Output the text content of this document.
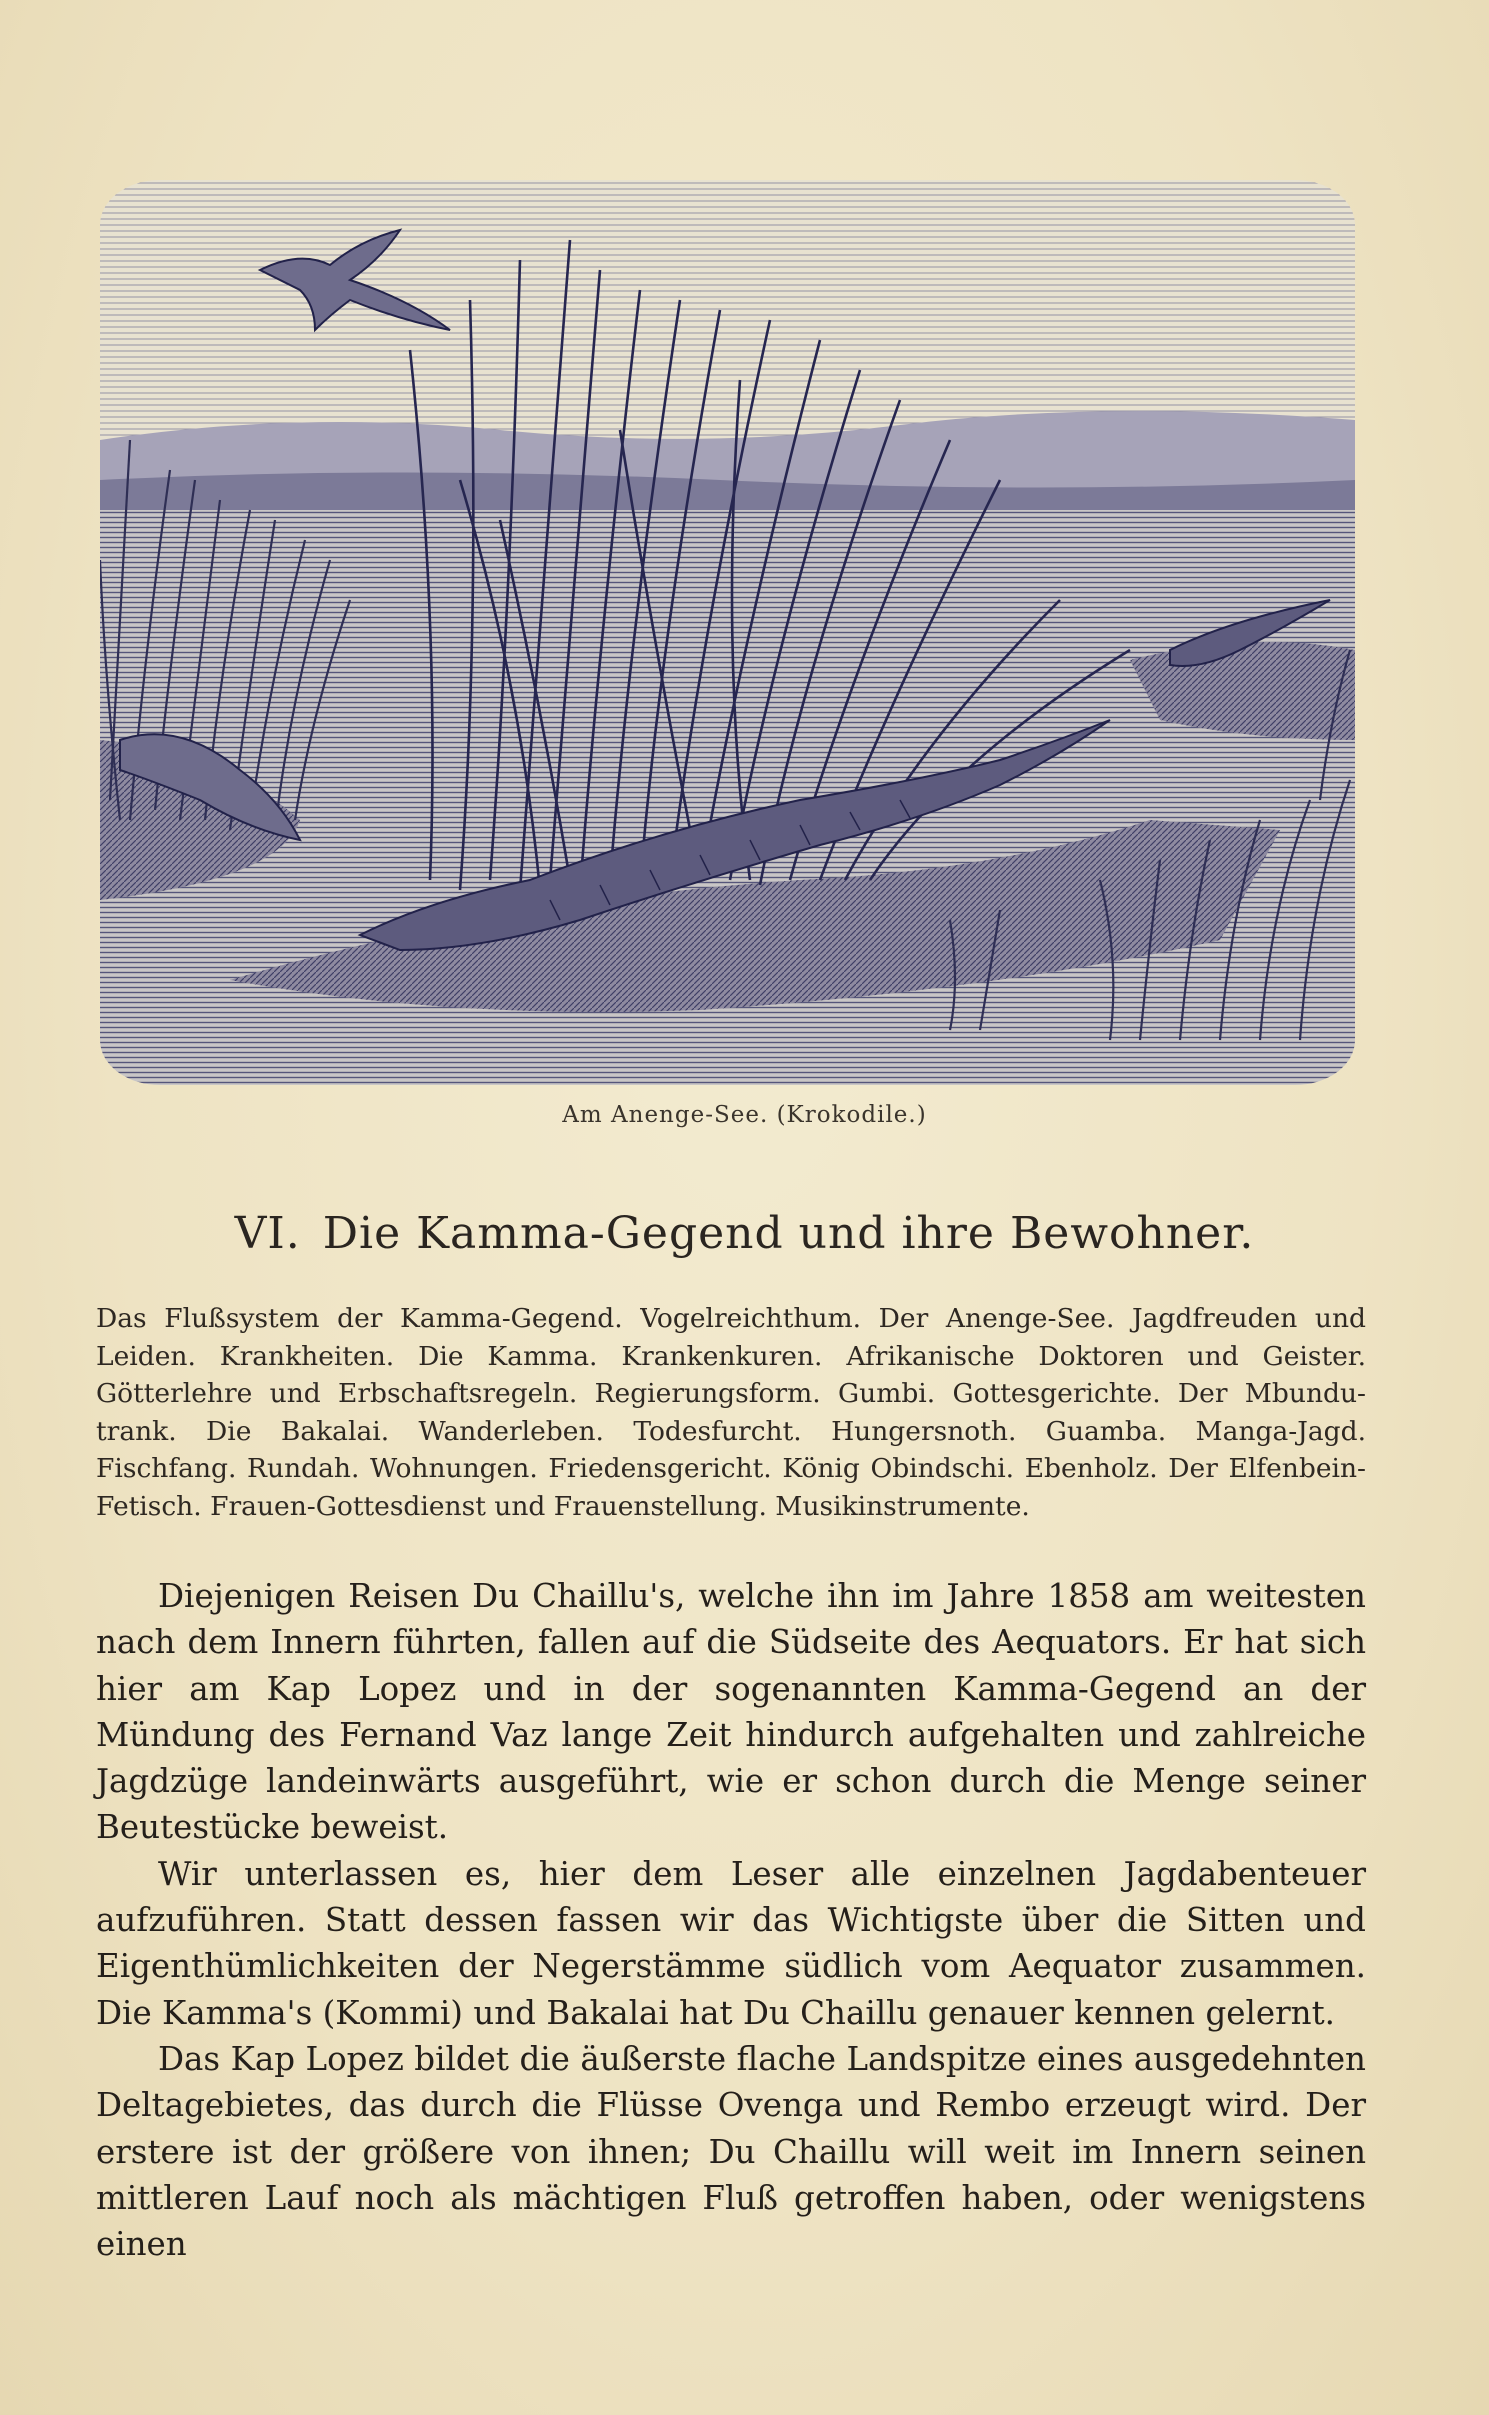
Am Anenge-See. (Krokodile.)
VI. Die Kamma-Gegend und ihre Bewohner.
Das Flußsystem der Kamma-Gegend. Vogelreichthum. Der Anenge-See. Jagdfreuden und Leiden. Krankheiten. Die Kamma. Krankenkuren. Afrikanische Doktoren und Geister. Götterlehre und Erbschaftsregeln. Regierungsform. Gumbi. Gottesgerichte. Der Mbundu-trank. Die Bakalai. Wanderleben. Todesfurcht. Hungersnoth. Guamba. Manga-Jagd. Fischfang. Rundah. Wohnungen. Friedensgericht. König Obindschi. Ebenholz. Der Elfenbein-Fetisch. Frauen-Gottesdienst und Frauenstellung. Musikinstrumente.

Diejenigen Reisen Du Chaillu's, welche ihn im Jahre 1858 am weitesten nach dem Innern führten, fallen auf die Südseite des Aequators. Er hat sich hier am Kap Lopez und in der sogenannten Kamma-Gegend an der Mündung des Fernand Vaz lange Zeit hindurch aufgehalten und zahlreiche Jagdzüge landeinwärts ausgeführt, wie er schon durch die Menge seiner Beutestücke beweist.

Wir unterlassen es, hier dem Leser alle einzelnen Jagdabenteuer aufzuführen. Statt dessen fassen wir das Wichtigste über die Sitten und Eigenthümlichkeiten der Negerstämme südlich vom Aequator zusammen. Die Kamma's (Kommi) und Bakalai hat Du Chaillu genauer kennen gelernt.

Das Kap Lopez bildet die äußerste flache Landspitze eines ausgedehnten Deltagebietes, das durch die Flüsse Ovenga und Rembo erzeugt wird. Der erstere ist der größere von ihnen; Du Chaillu will weit im Innern seinen mittleren Lauf noch als mächtigen Fluß getroffen haben, oder wenigstens einen
